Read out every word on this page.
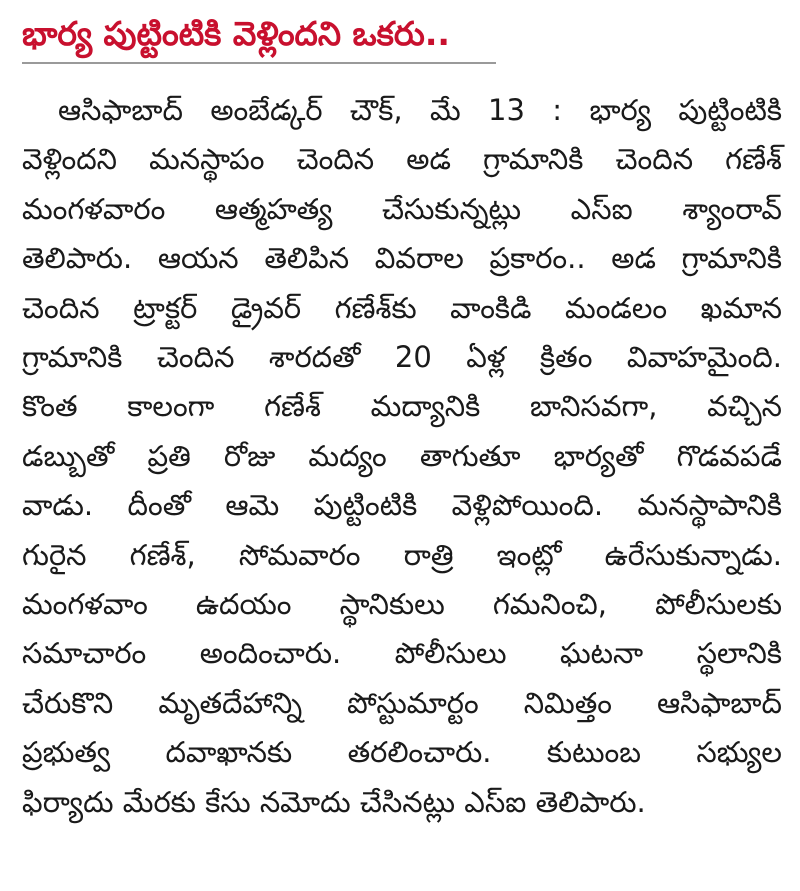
భార్య పుట్టింటికి వెళ్లిందని ఒకరు..
ఆసిఫాబాద్ అంబేడ్కర్ చౌక్, మే 13 : భార్య పుట్టింటికి
వెళ్లిందని మనస్థాపం చెందిన అడ గ్రామానికి చెందిన గణేశ్
మంగళవారం ఆత్మహత్య చేసుకున్నట్లు ఎస్ఐ శ్యాంరావ్
తెలిపారు. ఆయన తెలిపిన వివరాల ప్రకారం.. అడ గ్రామానికి
చెందిన ట్రాక్టర్ డ్రైవర్ గణేశ్‌కు వాంకిడి మండలం ఖమాన
గ్రామానికి చెందిన శారదతో 20 ఏళ్ల క్రితం వివాహమైంది.
కొంత కాలంగా గణేశ్ మద్యానికి బానిసవగా, వచ్చిన
డబ్బుతో ప్రతి రోజు మద్యం తాగుతూ భార్యతో గొడవపడే
వాడు. దీంతో ఆమె పుట్టింటికి వెళ్లిపోయింది. మనస్థాపానికి
గురైన గణేశ్, సోమవారం రాత్రి ఇంట్లో ఉరేసుకున్నాడు.
మంగళవాం ఉదయం స్థానికులు గమనించి, పోలీసులకు
సమాచారం అందించారు. పోలీసులు ఘటనా స్థలానికి
చేరుకొని మృతదేహాన్ని పోస్టుమార్టం నిమిత్తం ఆసిఫాబాద్
ప్రభుత్వ దవాఖానకు తరలించారు. కుటుంబ సభ్యుల
ఫిర్యాదు మేరకు కేసు నమోదు చేసినట్లు ఎస్ఐ తెలిపారు.
